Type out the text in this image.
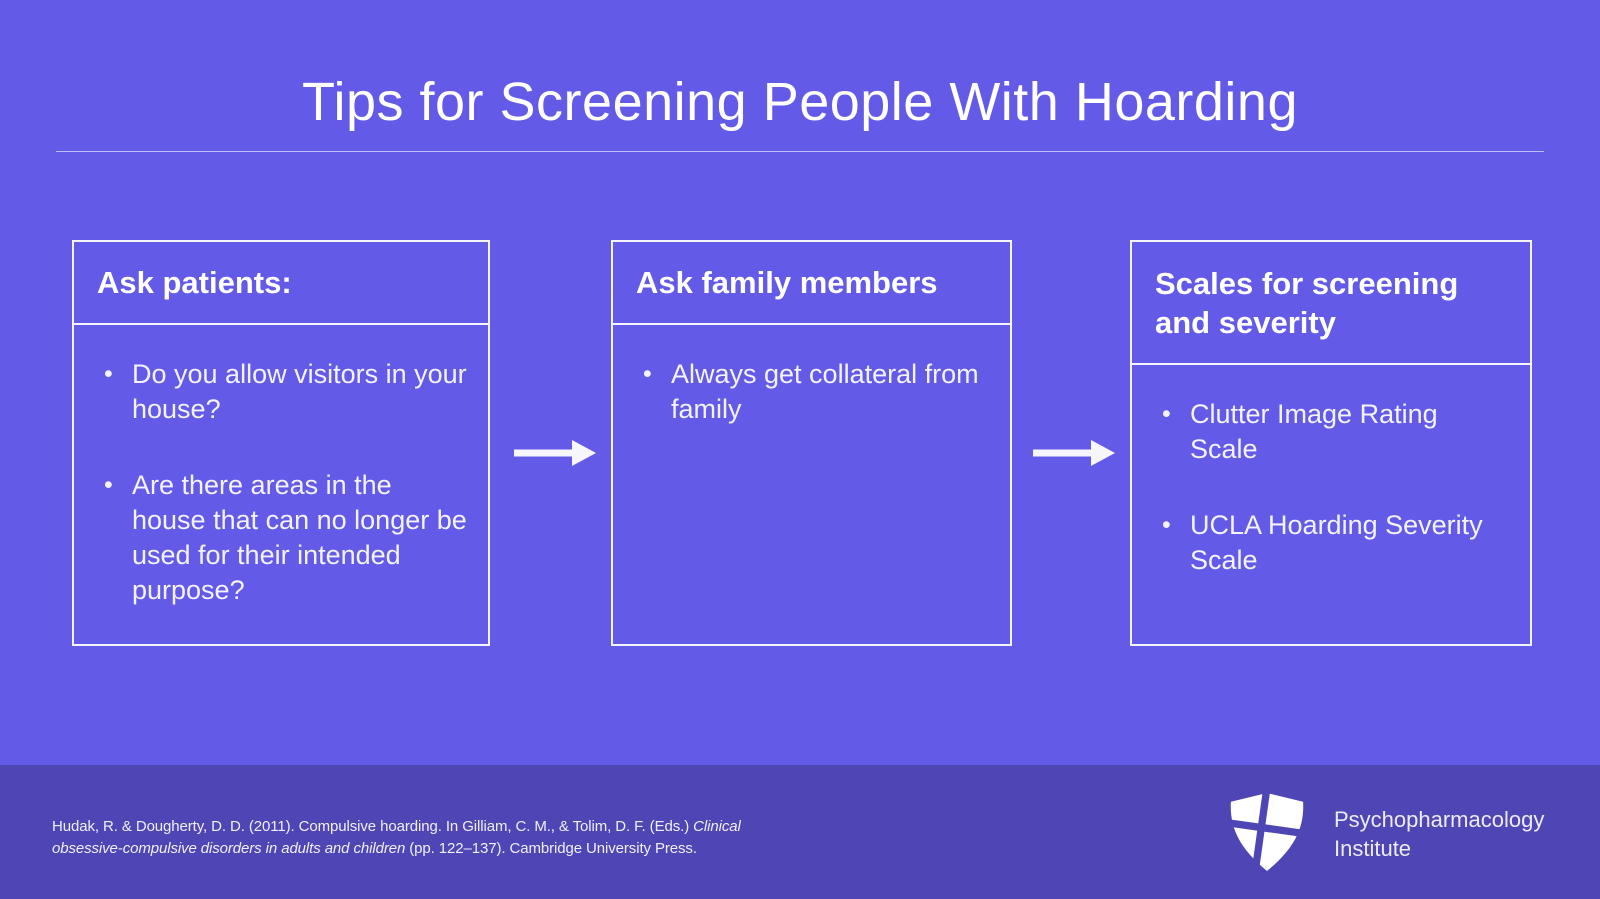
Tips for Screening People With Hoarding
Ask patients:
• Do you allow visitors in your house?
• Are there areas in the house that can no longer be used for their intended purpose?
Ask family members
• Always get collateral from family
Scales for screening and severity
• Clutter Image Rating Scale
• UCLA Hoarding Severity Scale

Hudak, R. & Dougherty, D. D. (2011). Compulsive hoarding. In Gilliam, C. M., & Tolim, D. F. (Eds.) Clinical obsessive-compulsive disorders in adults and children (pp. 122–137). Cambridge University Press.

Psychopharmacology
Institute
